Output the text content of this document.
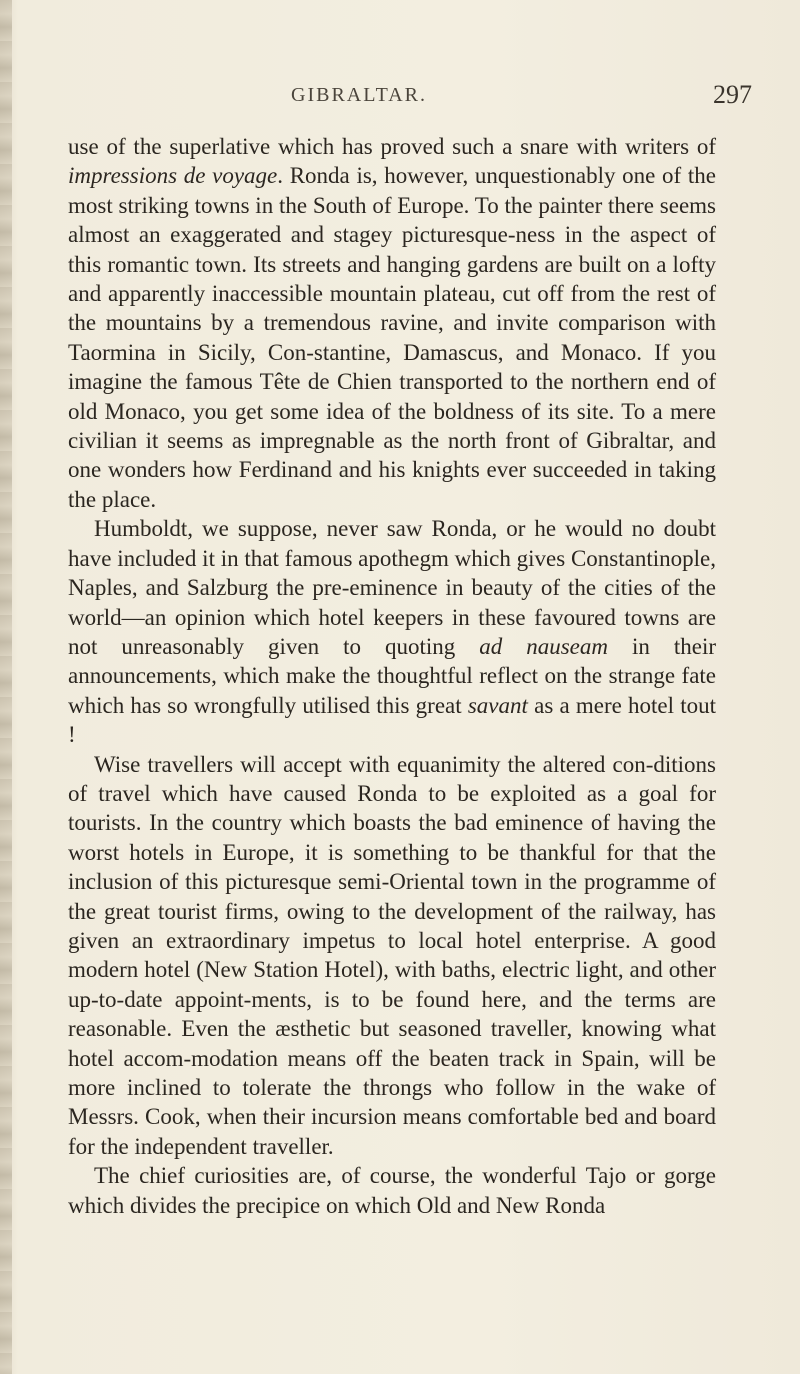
GIBRALTAR.	297

use of the superlative which has proved such a snare with writers of impressions de voyage. Ronda is, however, unquestionably one of the most striking towns in the South of Europe. To the painter there seems almost an exaggerated and stagey picturesque-ness in the aspect of this romantic town. Its streets and hanging gardens are built on a lofty and apparently inaccessible mountain plateau, cut off from the rest of the mountains by a tremendous ravine, and invite comparison with Taormina in Sicily, Con-stantine, Damascus, and Monaco. If you imagine the famous Tête de Chien transported to the northern end of old Monaco, you get some idea of the boldness of its site. To a mere civilian it seems as impregnable as the north front of Gibraltar, and one wonders how Ferdinand and his knights ever succeeded in taking the place.

Humboldt, we suppose, never saw Ronda, or he would no doubt have included it in that famous apothegm which gives Constantinople, Naples, and Salzburg the pre-eminence in beauty of the cities of the world—an opinion which hotel keepers in these favoured towns are not unreasonably given to quoting ad nauseam in their announcements, which make the thoughtful reflect on the strange fate which has so wrongfully utilised this great savant as a mere hotel tout !

Wise travellers will accept with equanimity the altered con-ditions of travel which have caused Ronda to be exploited as a goal for tourists. In the country which boasts the bad eminence of having the worst hotels in Europe, it is something to be thankful for that the inclusion of this picturesque semi-Oriental town in the programme of the great tourist firms, owing to the development of the railway, has given an extraordinary impetus to local hotel enterprise. A good modern hotel (New Station Hotel), with baths, electric light, and other up-to-date appoint-ments, is to be found here, and the terms are reasonable. Even the æsthetic but seasoned traveller, knowing what hotel accom-modation means off the beaten track in Spain, will be more inclined to tolerate the throngs who follow in the wake of Messrs. Cook, when their incursion means comfortable bed and board for the independent traveller.

The chief curiosities are, of course, the wonderful Tajo or gorge which divides the precipice on which Old and New Ronda
